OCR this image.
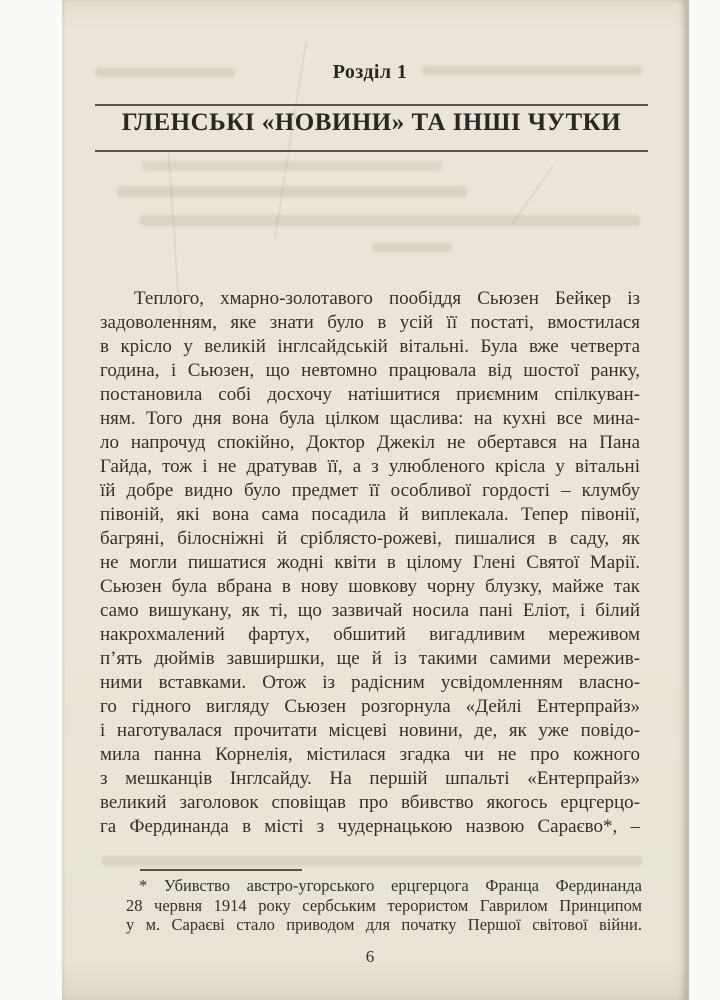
Розділ 1
ГЛЕНСЬКІ «НОВИНИ» ТА ІНШІ ЧУТКИ
Теплого, хмарно-золотавого пообіддя Сьюзен Бейкер із
задоволенням, яке знати було в усій її постаті, вмостилася
в крісло у великій інглсайдській вітальні. Була вже четверта
година, і Сьюзен, що невтомно працювала від шостої ранку,
постановила собі досхочу натішитися приємним спілкуван-
ням. Того дня вона була цілком щаслива: на кухні все мина-
ло напрочуд спокійно, Доктор Джекіл не обертався на Пана
Гайда, тож і не дратував її, а з улюбленого крісла у вітальні
їй добре видно було предмет її особливої гордості – клумбу
півоній, які вона сама посадила й виплекала. Тепер півонії,
багряні, білосніжні й сріблясто-рожеві, пишалися в саду, як
не могли пишатися жодні квіти в цілому Глені Святої Марії.
Сьюзен була вбрана в нову шовкову чорну блузку, майже так
само вишукану, як ті, що зазвичай носила пані Еліот, і білий
накрохмалений фартух, обшитий вигадливим мереживом
п’ять дюймів завширшки, ще й із такими самими мережив-
ними вставками. Отож із радісним усвідомленням власно-
го гідного вигляду Сьюзен розгорнула «Дейлі Ентерпрайз»
і наготувалася прочитати місцеві новини, де, як уже повідо-
мила панна Корнелія, містилася згадка чи не про кожного
з мешканців Інглсайду. На першій шпальті «Ентерпрайз»
великий заголовок сповіщав про вбивство якогось ерцгерцо-
га Фердинанда в місті з чудернацькою назвою Сараєво*, –
* Убивство австро-угорського ерцгерцога Франца Фердинанда
28 червня 1914 року сербським терористом Гаврилом Принципом
у м. Сараєві стало приводом для початку Першої світової війни.
6
